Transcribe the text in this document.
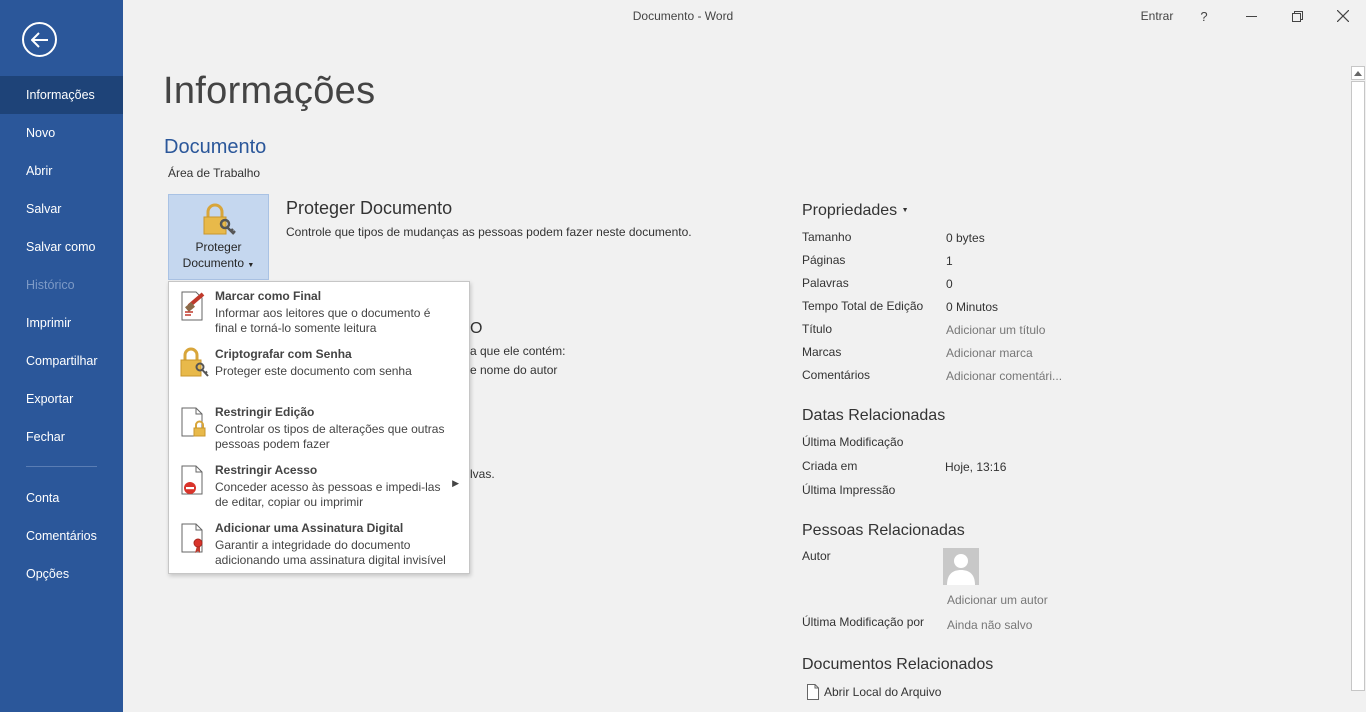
Informações
Novo
Abrir
Salvar
Salvar como
Histórico
Imprimir
Compartilhar
Exportar
Fechar
Conta
Comentários
Opções
Documento - Word	Entrar	?
Informações
Documento
Área de Trabalho
Proteger
Documento ▼
Proteger Documento
Controle que tipos de mudanças as pessoas podem fazer neste documento.
O
a que ele contém:
e nome do autor
lvas.
Marcar como Final
Informar aos leitores que o documento é final e torná-lo somente leitura
Criptografar com Senha
Proteger este documento com senha
Restringir Edição
Controlar os tipos de alterações que outras pessoas podem fazer
Restringir Acesso
Conceder acesso às pessoas e impedi-las de editar, copiar ou imprimir
▶
Adicionar uma Assinatura Digital
Garantir a integridade do documento adicionando uma assinatura digital invisível
Propriedades ▼
Tamanho	0 bytes
Páginas	1
Palavras	0
Tempo Total de Edição 0 Minutos
Título	Adicionar um título
Marcas	Adicionar marca
Comentários	Adicionar comentári...
Datas Relacionadas
Última Modificação
Criada em	Hoje, 13:16
Última Impressão
Pessoas Relacionadas
Autor
Adicionar um autor
Última Modificação por Ainda não salvo
Documentos Relacionados
Abrir Local do Arquivo
